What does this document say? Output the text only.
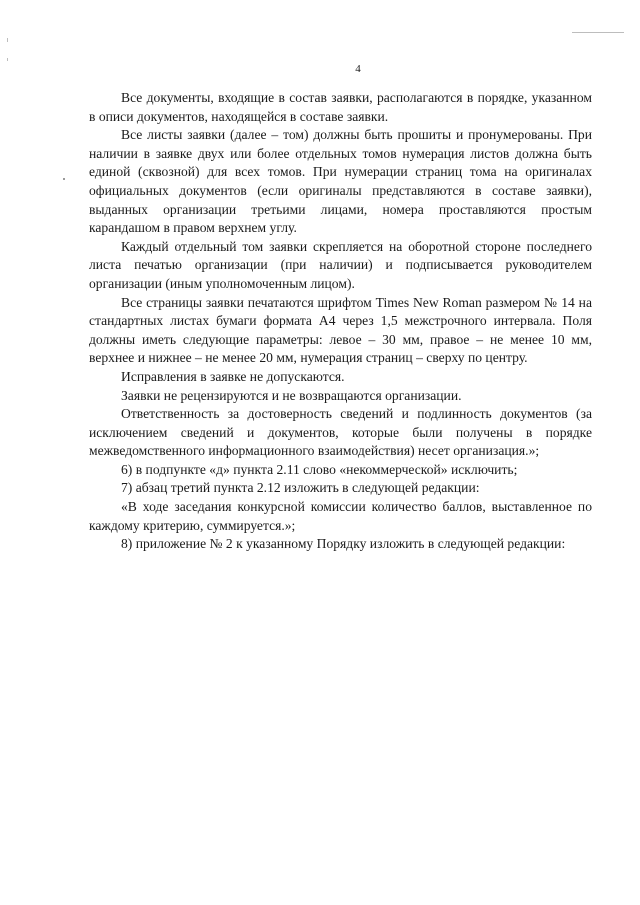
4

Все документы, входящие в состав заявки, располагаются в порядке, указанном в описи документов, находящейся в составе заявки.

Все листы заявки (далее – том) должны быть прошиты и пронумерованы. При наличии в заявке двух или более отдельных томов нумерация листов должна быть единой (сквозной) для всех томов. При нумерации страниц тома на оригиналах официальных документов (если оригиналы представляются в составе заявки), выданных организации третьими лицами, номера проставляются простым карандашом в правом верхнем углу.

Каждый отдельный том заявки скрепляется на оборотной стороне последнего листа печатью организации (при наличии) и подписывается руководителем организации (иным уполномоченным лицом).

Все страницы заявки печатаются шрифтом Times New Roman размером № 14 на стандартных листах бумаги формата А4 через 1,5 межстрочного интервала. Поля должны иметь следующие параметры: левое – 30 мм, правое – не менее 10 мм, верхнее и нижнее – не менее 20 мм, нумерация страниц – сверху по центру.

Исправления в заявке не допускаются.

Заявки не рецензируются и не возвращаются организации.

Ответственность за достоверность сведений и подлинность документов (за исключением сведений и документов, которые были получены в порядке межведомственного информационного взаимодействия) несет организация.»;

6) в подпункте «д» пункта 2.11 слово «некоммерческой» исключить;

7) абзац третий пункта 2.12 изложить в следующей редакции:

«В ходе заседания конкурсной комиссии количество баллов, выставленное по каждому критерию, суммируется.»;

8) приложение № 2 к указанному Порядку изложить в следующей редакции:
